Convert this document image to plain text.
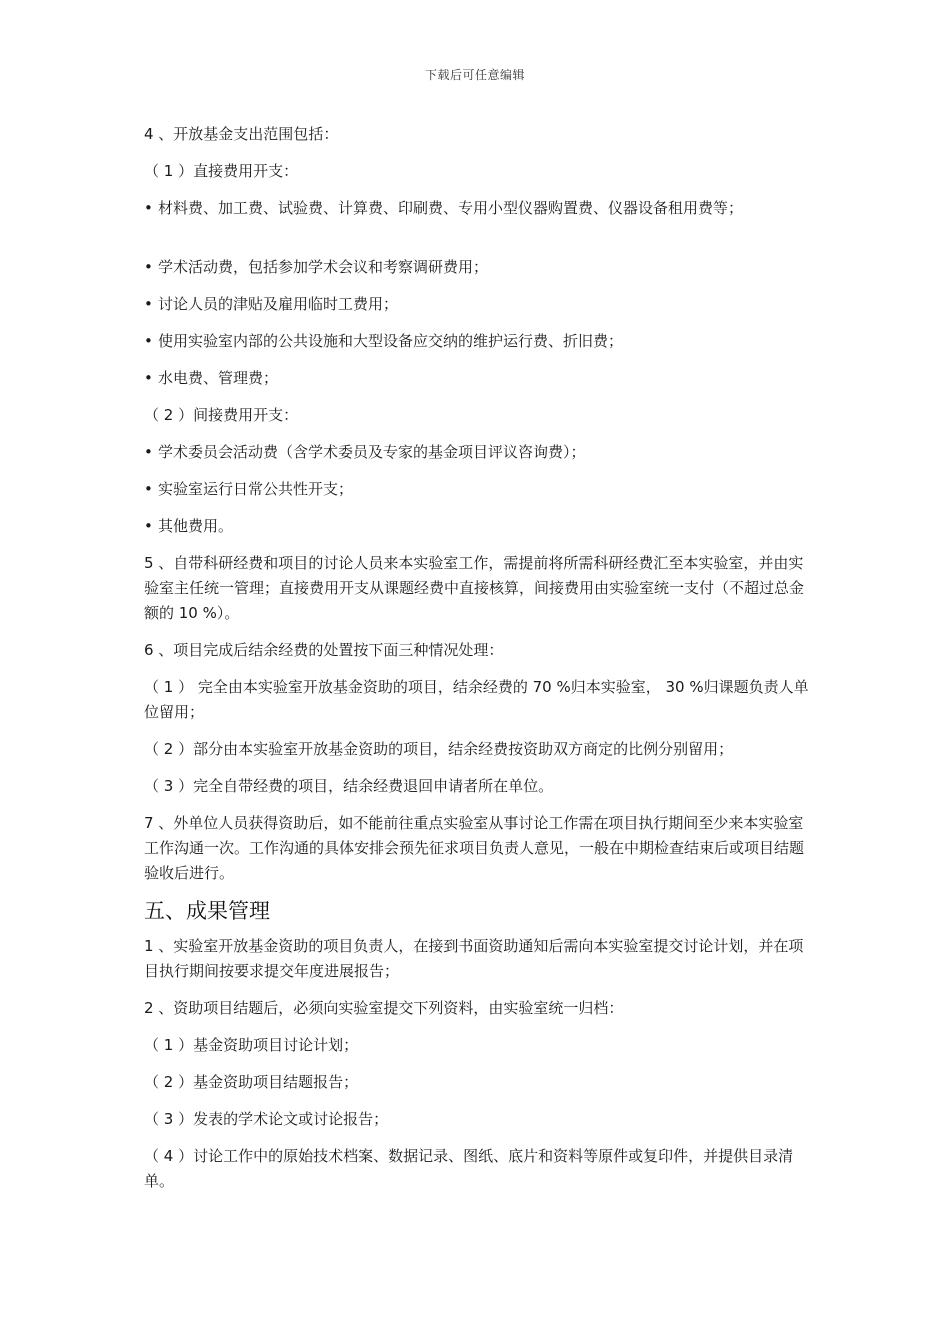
下载后可任意编辑

4 、开放基金支出范围包括：

（ 1 ）直接费用开支：

• 材料费、加工费、试验费、计算费、印刷费、专用小型仪器购置费、仪器设备租用费等；

• 学术活动费，包括参加学术会议和考察调研费用；

• 讨论人员的津贴及雇用临时工费用；

• 使用实验室内部的公共设施和大型设备应交纳的维护运行费、折旧费；

• 水电费、管理费；

（ 2 ）间接费用开支：

• 学术委员会活动费（含学术委员及专家的基金项目评议咨询费）；

• 实验室运行日常公共性开支；

• 其他费用。

5 、自带科研经费和项目的讨论人员来本实验室工作，需提前将所需科研经费汇至本实验室，并由实验室主任统一管理；直接费用开支从课题经费中直接核算，间接费用由实验室统一支付（不超过总金额的 10 %）。

6 、项目完成后结余经费的处置按下面三种情况处理：

（ 1 ） 完全由本实验室开放基金资助的项目，结余经费的 70 %归本实验室， 30 %归课题负责人单位留用；

（ 2 ）部分由本实验室开放基金资助的项目，结余经费按资助双方商定的比例分别留用；

（ 3 ）完全自带经费的项目，结余经费退回申请者所在单位。

7 、外单位人员获得资助后，如不能前往重点实验室从事讨论工作需在项目执行期间至少来本实验室工作沟通一次。工作沟通的具体安排会预先征求项目负责人意见，一般在中期检查结束后或项目结题验收后进行。

五、成果管理

1 、实验室开放基金资助的项目负责人，在接到书面资助通知后需向本实验室提交讨论计划，并在项目执行期间按要求提交年度进展报告；

2 、资助项目结题后，必须向实验室提交下列资料，由实验室统一归档：

（ 1 ）基金资助项目讨论计划；

（ 2 ）基金资助项目结题报告；

（ 3 ）发表的学术论文或讨论报告；

（ 4 ）讨论工作中的原始技术档案、数据记录、图纸、底片和资料等原件或复印件，并提供目录清单。
